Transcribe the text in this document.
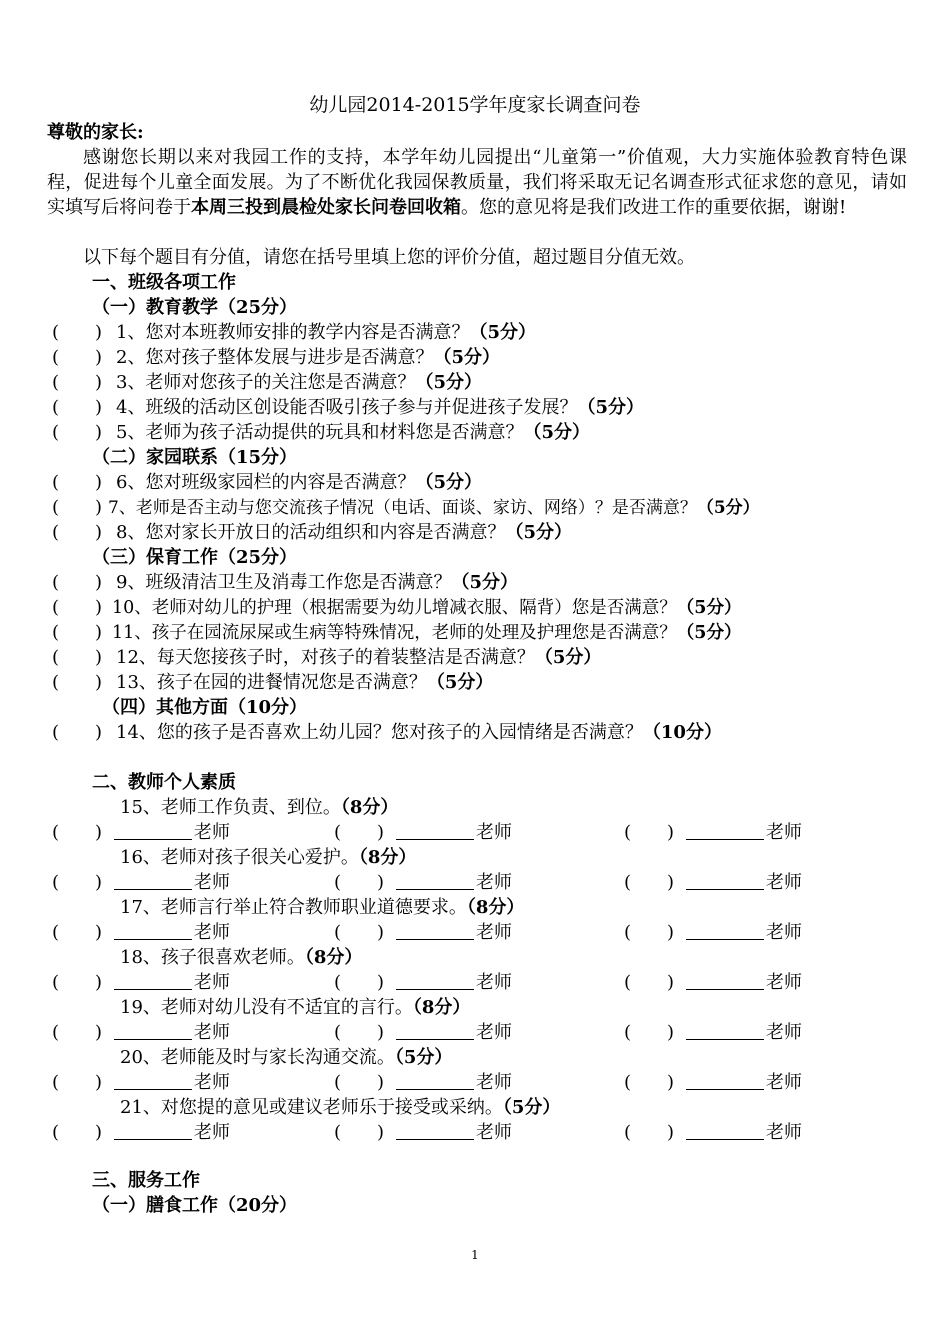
幼儿园2014-2015学年度家长调查问卷
尊敬的家长:
感谢您长期以来对我园工作的支持，本学年幼儿园提出“儿童第一”价值观，大力实施体验教育特色课程，促进每个儿童全面发展。为了不断优化我园保教质量，我们将采取无记名调查形式征求您的意见，请如实填写后将问卷于本周三投到晨检处家长问卷回收箱。您的意见将是我们改进工作的重要依据，谢谢!
以下每个题目有分值，请您在括号里填上您的评价分值，超过题目分值无效。
一、班级各项工作
（一）教育教学（25分）
(　　) 1、您对本班教师安排的教学内容是否满意？（5分）
(　　) 2、您对孩子整体发展与进步是否满意？（5分）
(　　) 3、老师对您孩子的关注您是否满意？（5分）
(　　) 4、班级的活动区创设能否吸引孩子参与并促进孩子发展？（5分）
(　　) 5、老师为孩子活动提供的玩具和材料您是否满意？（5分）
（二）家园联系（15分）
(　　) 6、您对班级家园栏的内容是否满意？（5分）
(　　) 7、老师是否主动与您交流孩子情况（电话、面谈、家访、网络）？是否满意？（5分）
(　　) 8、您对家长开放日的活动组织和内容是否满意？（5分）
（三）保育工作（25分）
(　　) 9、班级清洁卫生及消毒工作您是否满意？（5分）
(　　) 10、老师对幼儿的护理（根据需要为幼儿增减衣服、隔背）您是否满意？（5分）
(　　) 11、孩子在园流尿屎或生病等特殊情况，老师的处理及护理您是否满意？（5分）
(　　) 12、每天您接孩子时，对孩子的着装整洁是否满意？（5分）
(　　) 13、孩子在园的进餐情况您是否满意？（5分）
（四）其他方面（10分）
(　　) 14、您的孩子是否喜欢上幼儿园？您对孩子的入园情绪是否满意？（10分）
二、教师个人素质
15、老师工作负责、到位。（8分）
(　　)	老师	(　　)	老师	(　　)	老师
16、老师对孩子很关心爱护。（8分）
(　　)	老师	(　　)	老师	(　　)	老师
17、老师言行举止符合教师职业道德要求。（8分）
(　　)	老师	(　　)	老师	(　　)	老师
18、孩子很喜欢老师。（8分）
(　　)	老师	(　　)	老师	(　　)	老师
19、老师对幼儿没有不适宜的言行。（8分）
(　　)	老师	(　　)	老师	(　　)	老师
20、老师能及时与家长沟通交流。（5分）
(　　)	老师	(　　)	老师	(　　)	老师
21、对您提的意见或建议老师乐于接受或采纳。（5分）
(　　)	老师	(　　)	老师	(　　)	老师
三、服务工作
（一）膳食工作（20分）
1
